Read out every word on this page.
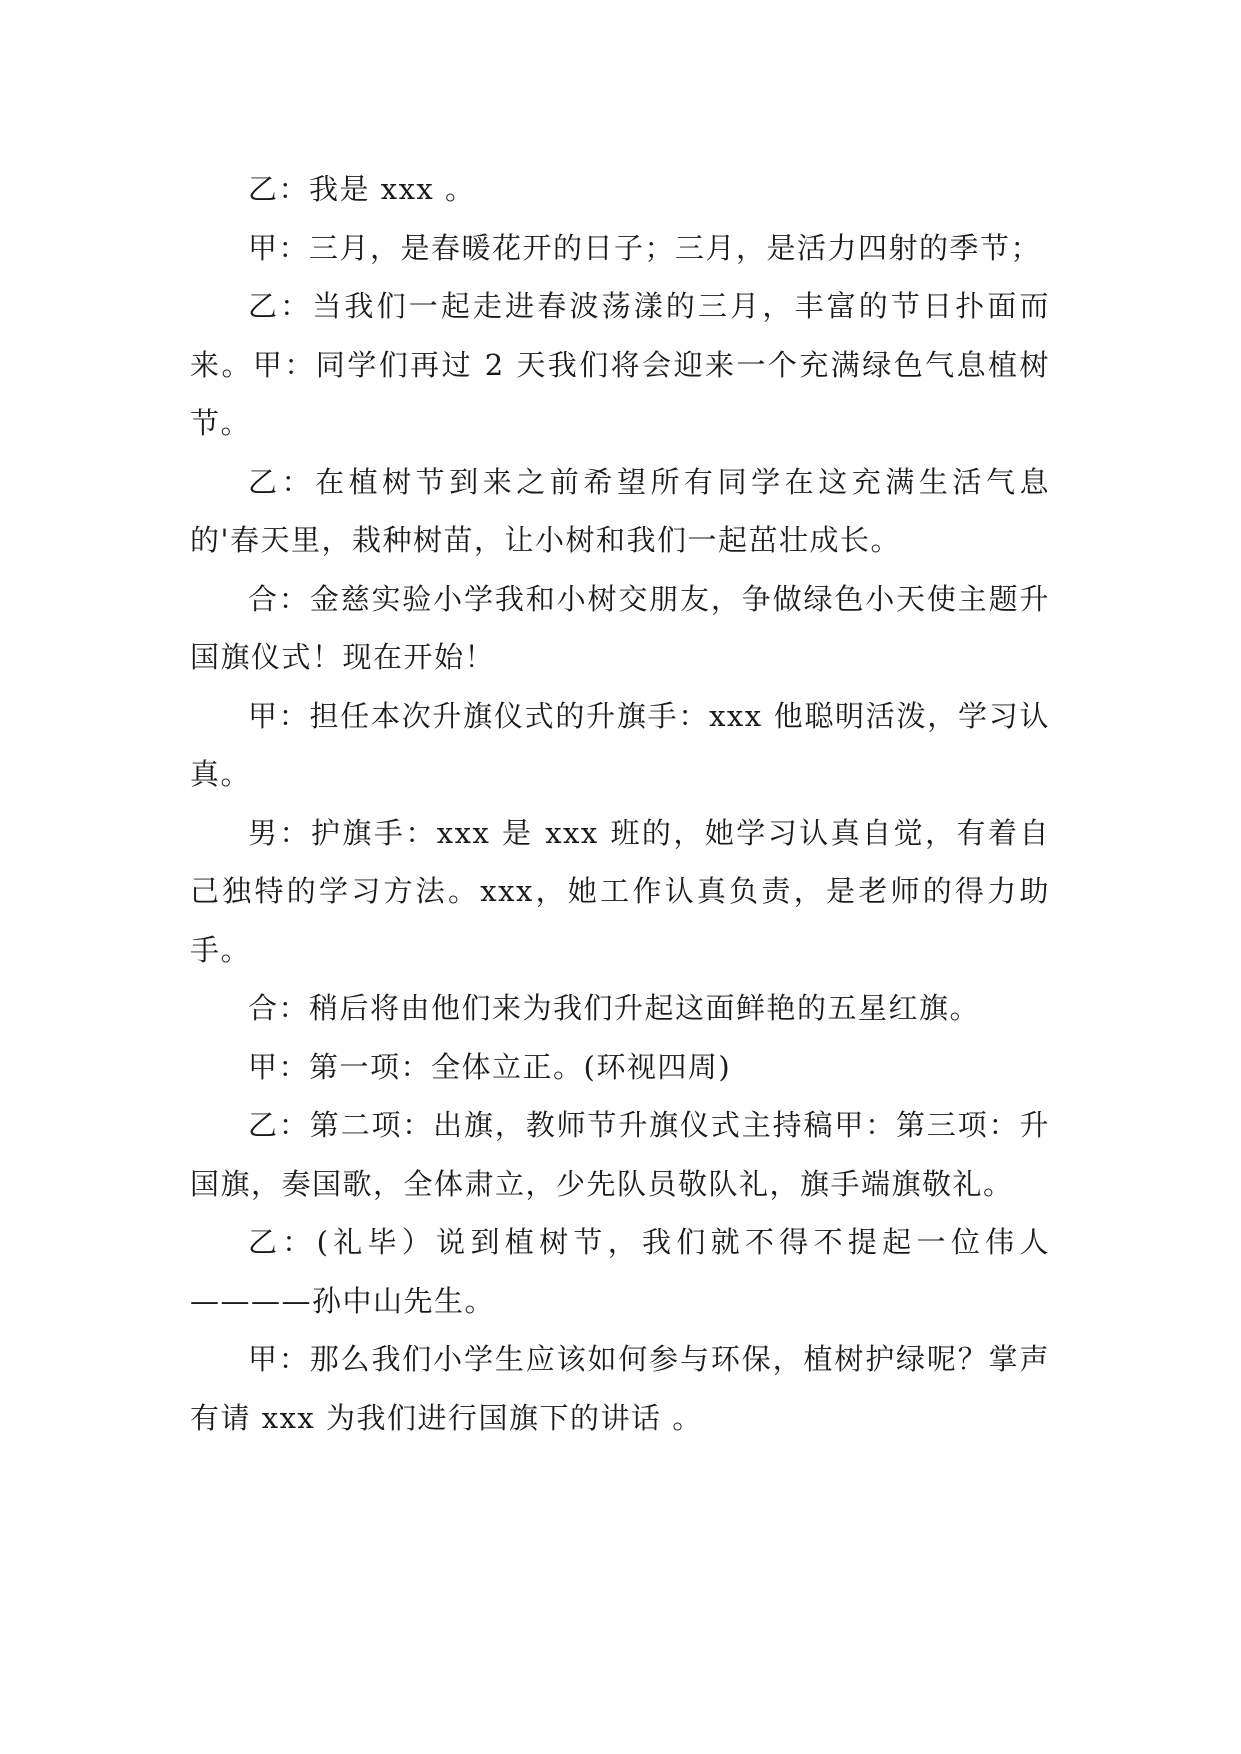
乙：我是 xxx 。

甲：三月，是春暖花开的日子；三月，是活力四射的季节；

乙：当我们一起走进春波荡漾的三月，丰富的节日扑面而来。甲：同学们再过 2 天我们将会迎来一个充满绿色气息植树节。

乙：在植树节到来之前希望所有同学在这充满生活气息的'春天里，栽种树苗，让小树和我们一起茁壮成长。

合：金慈实验小学我和小树交朋友，争做绿色小天使主题升国旗仪式！现在开始！

甲：担任本次升旗仪式的升旗手：xxx 他聪明活泼，学习认真。

男：护旗手：xxx 是 xxx 班的，她学习认真自觉，有着自己独特的学习方法。xxx，她工作认真负责，是老师的得力助手。

合：稍后将由他们来为我们升起这面鲜艳的五星红旗。

甲：第一项：全体立正。(环视四周)

乙：第二项：出旗，教师节升旗仪式主持稿甲：第三项：升国旗，奏国歌，全体肃立，少先队员敬队礼，旗手端旗敬礼。

乙：(礼毕）说到植树节，我们就不得不提起一位伟人————孙中山先生。

甲：那么我们小学生应该如何参与环保，植树护绿呢？掌声有请 xxx 为我们进行国旗下的讲话 。
